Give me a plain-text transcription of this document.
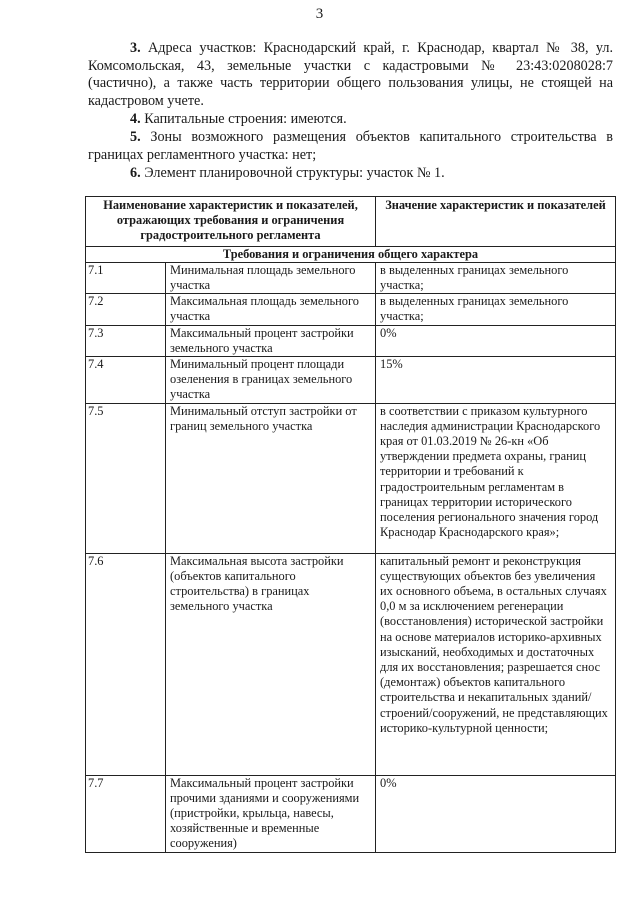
3

3. Адреса участков: Краснодарский край, г. Краснодар, квартал № 38, ул. Комсомольская, 43, земельные участки с кадастровыми № 23:43:0208028:7 (частично), а также часть территории общего пользования улицы, не стоящей на кадастровом учете.

4. Капитальные строения: имеются.

5. Зоны возможного размещения объектов капитального строительства в границах регламентного участка: нет;

6. Элемент планировочной структуры: участок № 1.

Наименование характеристик и показателей, отражающих требования и ограничения градостроительного регламента		Значение характеристик и показателей
Требования и ограничения общего характера		
7.1	Минимальная площадь земельного участка	в выделенных границах земельного участка;
7.2	Максимальная площадь земельного участка	в выделенных границах земельного участка;
7.3	Максимальный процент застройки земельного участка	0%
7.4	Минимальный процент площади озеленения в границах земельного участка	15%
7.5	Минимальный отступ застройки от границ земельного участка	в соответствии с приказом культурного наследия администрации Краснодарского края от 01.03.2019 № 26-кн «Об утверждении предмета охраны, границ территории и требований к градостроительным регламентам в границах территории исторического поселения регионального значения город Краснодар Краснодарского края»;
7.6	Максимальная высота застройки (объектов капитального строительства) в границах земельного участка	капитальный ремонт и реконструкция существующих объектов без увеличения их основного объема, в остальных случаях 0,0 м за исключением регенерации (восстановления) исторической застройки на основе материалов историко-архивных изысканий, необходимых и достаточных для их восстановления; разрешается снос (демонтаж) объектов капитального строительства и некапитальных зданий/строений/сооружений, не представляющих историко-культурной ценности;
7.7	Максимальный процент застройки прочими зданиями и сооружениями (пристройки, крыльца, навесы, хозяйственные и временные сооружения)	0%
